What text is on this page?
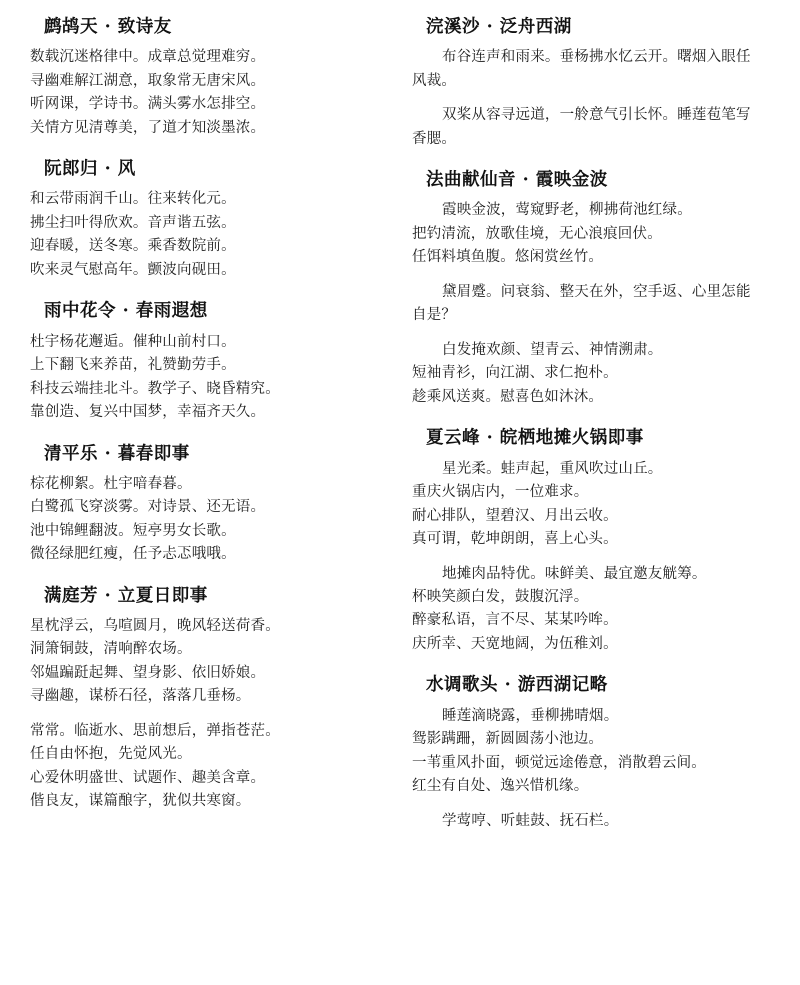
鹧鸪天 · 致诗友
数载沉迷格律中。成章总觉理难穷。
寻幽难解江湖意，取象常无唐宋风。
听网课，学诗书。满头雾水怎排空。
关情方见清尊美，了道才知淡墨浓。
阮郎归 · 风
和云带雨润千山。往来转化元。
拂尘扫叶得欣欢。音声谐五弦。
迎春暖，送冬寒。乘香数院前。
吹来灵气慰高年。颤波向砚田。
雨中花令 · 春雨遐想
杜宇杨花邂逅。催种山前村口。
上下翻飞来养苗，礼赞勤劳手。
科技云端挂北斗。教学子、晓昏精究。
靠创造、复兴中国梦，幸福齐天久。
清平乐 · 暮春即事
棕花柳絮。杜宇喑春暮。
白鹭孤飞穿淡雾。对诗景、还无语。
池中锦鲤翻波。短亭男女长歌。
微径绿肥红瘦，任予忐忑哦哦。
满庭芳 · 立夏日即事
星枕浮云，乌喧圆月，晚风轻送荷香。
洞箫铜鼓，清响醉农场。
邻媪蹁跹起舞、望身影、依旧娇娘。
寻幽趣，谋桥石径，落落几垂杨。
常常。临逝水、思前想后，弹指苍茫。
任自由怀抱，先觉风光。
心爱休明盛世、试题作、趣美含章。
偕良友，谋篇酿字，犹似共寒窗。
浣溪沙 · 泛舟西湖
布谷连声和雨来。垂杨拂水忆云开。曙烟入眼任
风裁。
双桨从容寻远道，一舲意气引长怀。睡莲苞笔写
香腮。
法曲献仙音 · 霞映金波
霞映金波，莺窥野老，柳拂荷池红绿。
把钓清流，放歌佳境，无心浪痕回伏。
任饵料填鱼腹。悠闲赏丝竹。
黛眉蹙。问衰翁、整天在外，空手返、心里怎能
自是？
白发掩欢颜、望青云、神情溯肃。
短袖青衫，向江湖、求仁抱朴。
趁乘风送爽。慰喜色如沐沐。
夏云峰 · 皖栖地摊火锅即事
星光柔。蛙声起，重风吹过山丘。
重庆火锅店内，一位难求。
耐心排队，望碧汉、月出云收。
真可谓，乾坤朗朗，喜上心头。
地摊肉品特优。味鲜美、最宜邀友觥筹。
杯映笑颜白发，鼓腹沉浮。
醉豪私语，言不尽、某某吟哞。
庆所幸、天宽地阔，为伍稚刘。
水调歌头 · 游西湖记略
睡莲滴晓露，垂柳拂晴烟。
鸳影蹒跚，新圆圆荡小池边。
一苇重风扑面，顿觉远途倦意，消散碧云间。
红尘有自处、逸兴惜机缘。
学莺哼、听蛙鼓、抚石栏。
